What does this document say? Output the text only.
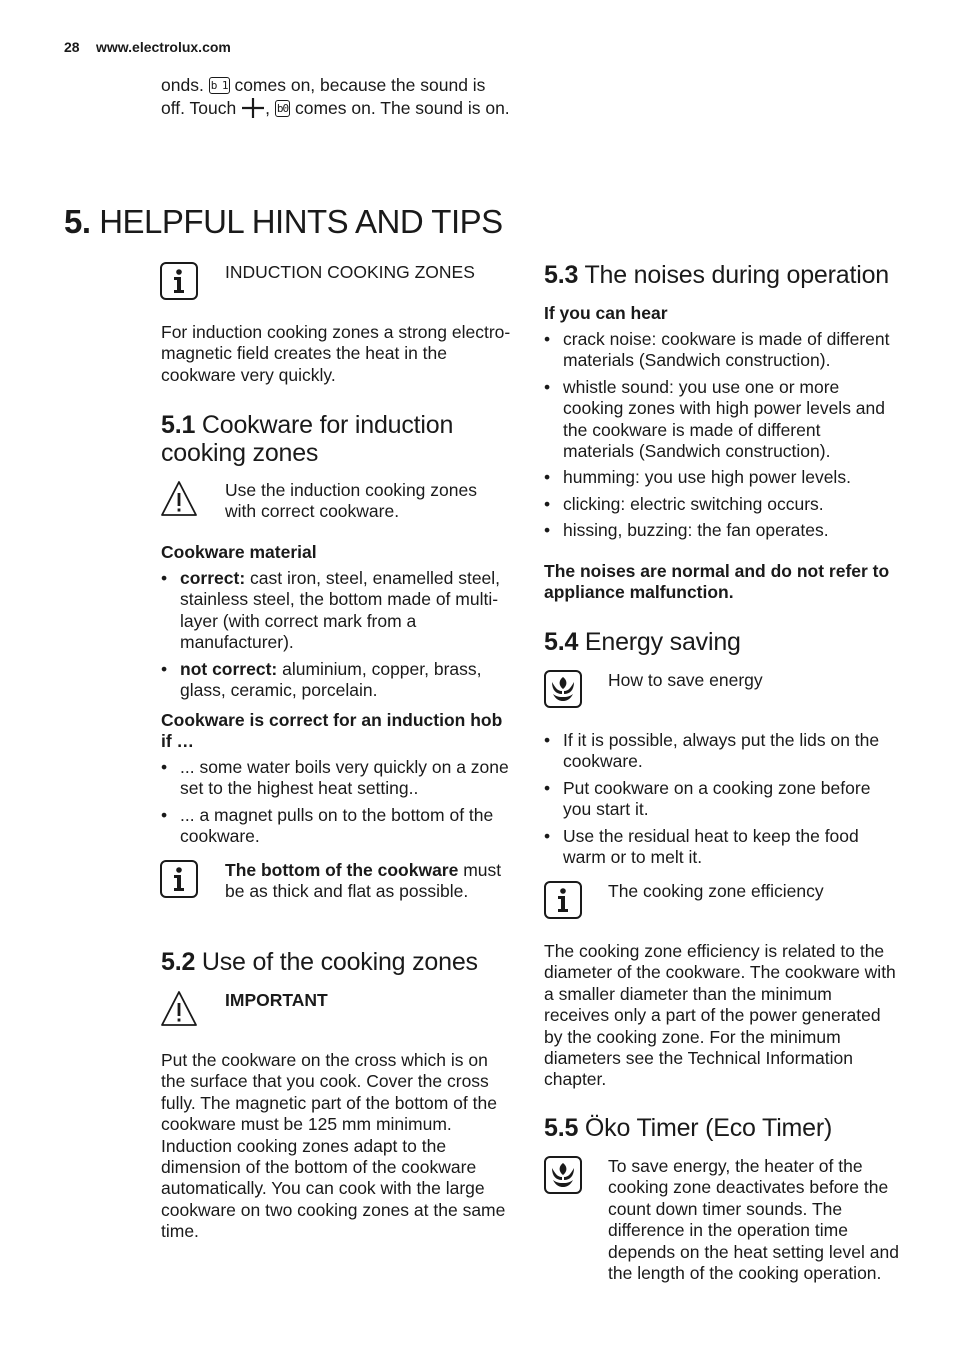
28 www.electrolux.com
onds. b 1 comes on, because the sound is off. Touch , b0 comes on. The sound is on.
5. HELPFUL HINTS AND TIPS
INDUCTION COOKING ZONES
For induction cooking zones a strong electro-magnetic field creates the heat in the cookware very quickly.
5.1 Cookware for induction cooking zones
Use the induction cooking zones with correct cookware.
Cookware material
• correct: cast iron, steel, enamelled steel, stainless steel, the bottom made of multi-layer (with correct mark from a manufacturer).
• not correct: aluminium, copper, brass, glass, ceramic, porcelain.
Cookware is correct for an induction hob if …
• ... some water boils very quickly on a zone set to the highest heat setting..
• ... a magnet pulls on to the bottom of the cookware.
The bottom of the cookware must be as thick and flat as possible.
5.2 Use of the cooking zones
IMPORTANT
Put the cookware on the cross which is on the surface that you cook. Cover the cross fully. The magnetic part of the bottom of the cookware must be 125 mm minimum. Induction cooking zones adapt to the dimension of the bottom of the cookware automatically. You can cook with the large cookware on two cooking zones at the same time.
5.3 The noises during operation
If you can hear
• crack noise: cookware is made of different materials (Sandwich construction).
• whistle sound: you use one or more cooking zones with high power levels and the cookware is made of different materials (Sandwich construction).
• humming: you use high power levels.
• clicking: electric switching occurs.
• hissing, buzzing: the fan operates.
The noises are normal and do not refer to appliance malfunction.
5.4 Energy saving
How to save energy
• If it is possible, always put the lids on the cookware.
• Put cookware on a cooking zone before you start it.
• Use the residual heat to keep the food warm or to melt it.
The cooking zone efficiency
The cooking zone efficiency is related to the diameter of the cookware. The cookware with a smaller diameter than the minimum receives only a part of the power generated by the cooking zone. For the minimum diameters see the Technical Information chapter.
5.5 Öko Timer (Eco Timer)
To save energy, the heater of the cooking zone deactivates before the count down timer sounds. The difference in the operation time depends on the heat setting level and the length of the cooking operation.
